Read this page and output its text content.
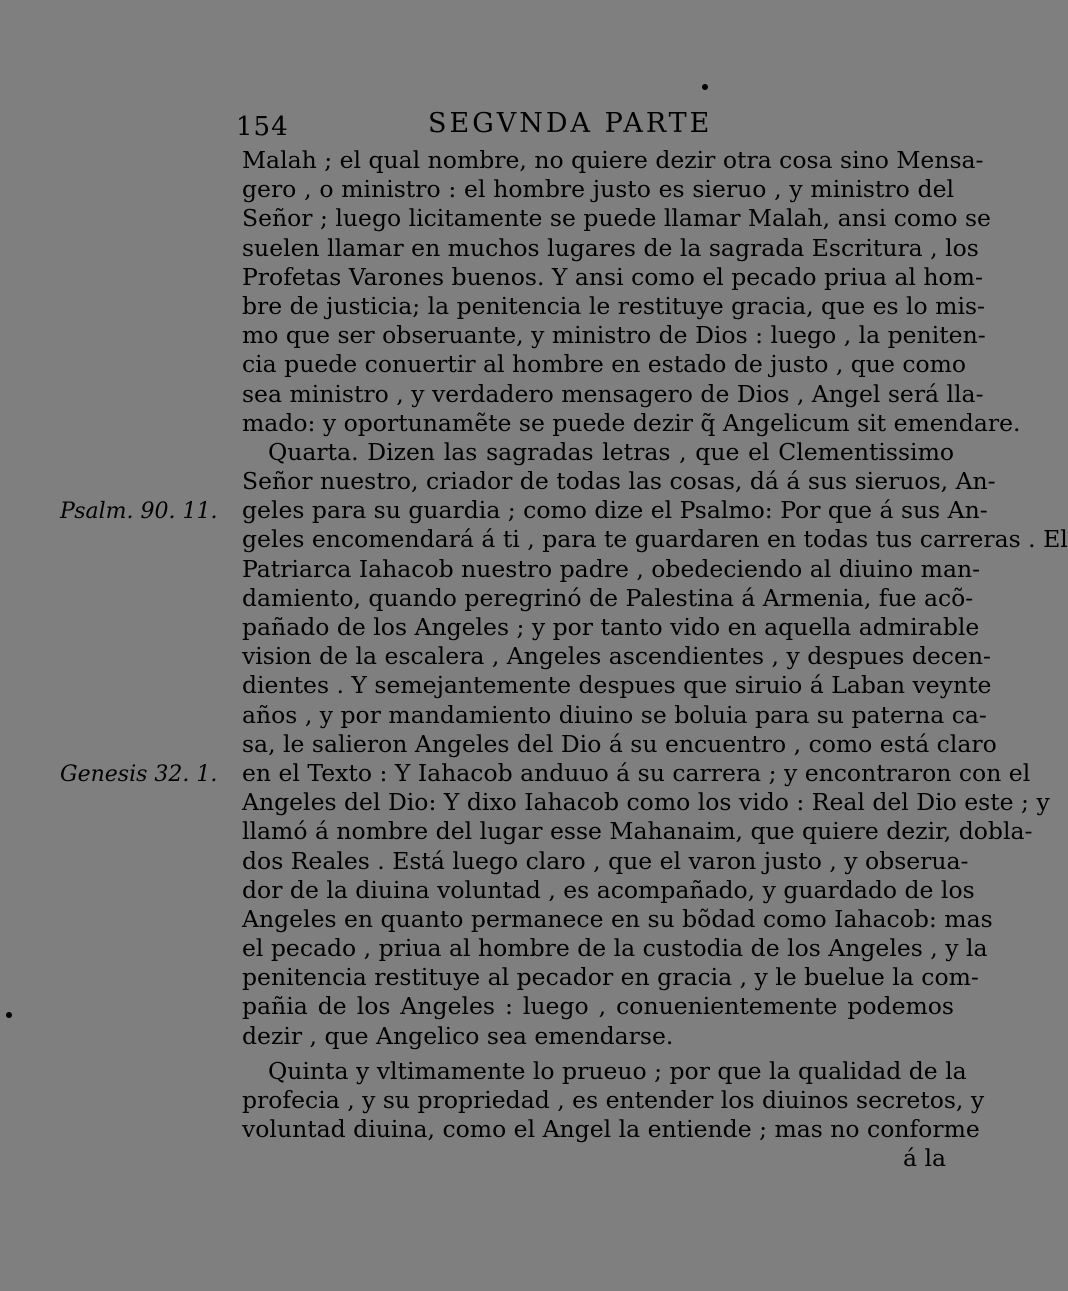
154	SEGVNDA PARTE
Psalm. 90. 11.
Genesis 32. 1.
Malah ; el qual nombre, no quiere dezir otra cosa sino Mensa-
gero , o ministro : el hombre justo es sieruo , y ministro del
Señor ; luego licitamente se puede llamar Malah, ansi como se
suelen llamar en muchos lugares de la sagrada Escritura , los
Profetas Varones buenos. Y ansi como el pecado priua al hom-
bre de justicia; la penitencia le restituye gracia, que es lo mis-
mo que ser obseruante, y ministro de Dios : luego , la peniten-
cia puede conuertir al hombre en estado de justo , que como
sea ministro , y verdadero mensagero de Dios , Angel será lla-
mado: y oportunamẽte se puede dezir q̃ Angelicum sit emendare.
Quarta. Dizen las sagradas letras , que el Clementissimo
Señor nuestro, criador de todas las cosas, dá á sus sieruos, An-
geles para su guardia ; como dize el Psalmo: Por que á sus An-
geles encomendará á ti , para te guardaren en todas tus carreras . El
Patriarca Iahacob nuestro padre , obedeciendo al diuino man-
damiento, quando peregrinó de Palestina á Armenia, fue acõ-
pañado de los Angeles ; y por tanto vido en aquella admirable
vision de la escalera , Angeles ascendientes , y despues decen-
dientes . Y semejantemente despues que siruio á Laban veynte
años , y por mandamiento diuino se boluia para su paterna ca-
sa, le salieron Angeles del Dio á su encuentro , como está claro
en el Texto : Y Iahacob anduuo á su carrera ; y encontraron con el
Angeles del Dio: Y dixo Iahacob como los vido : Real del Dio este ; y
llamó á nombre del lugar esse Mahanaim, que quiere dezir, dobla-
dos Reales . Está luego claro , que el varon justo , y obserua-
dor de la diuina voluntad , es acompañado, y guardado de los
Angeles en quanto permanece en su bõdad como Iahacob: mas
el pecado , priua al hombre de la custodia de los Angeles , y la
penitencia restituye al pecador en gracia , y le buelue la com-
pañia de los Angeles : luego , conuenientemente podemos
dezir , que Angelico sea emendarse.
Quinta y vltimamente lo prueuo ; por que la qualidad de la
profecia , y su propriedad , es entender los diuinos secretos, y
voluntad diuina, como el Angel la entiende ; mas no conforme
á la
